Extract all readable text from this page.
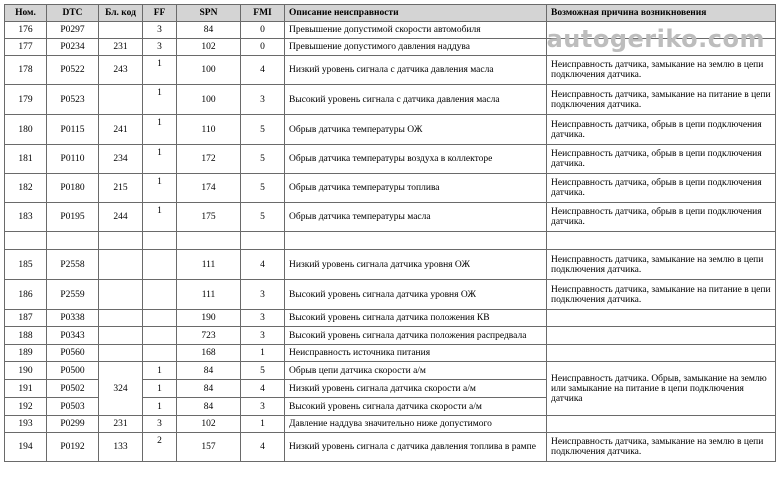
Ном.	DTC	Бл. код	FF	SPN	FMI	Описание неисправности	Возможная причина возникновения
176	P0297		3	84	0	Превышение допустимой скорости автомобиля	
177	P0234	231	3	102	0	Превышение допустимого давления наддува	
178	P0522	243	1	100	4	Низкий уровень сигнала с датчика давления масла	Неисправность датчика, замыкание на землю в цепи подключения датчика.
179	P0523		1	100	3	Высокий уровень сигнала с датчика давления масла	Неисправность датчика, замыкание на питание в цепи подключения датчика.
180	P0115	241	1	110	5	Обрыв датчика температуры ОЖ	Неисправность датчика, обрыв в цепи подключения датчика.
181	P0110	234	1	172	5	Обрыв датчика температуры воздуха в коллекторе	Неисправность датчика, обрыв в цепи подключения датчика.
182	P0180	215	1	174	5	Обрыв датчика температуры топлива	Неисправность датчика, обрыв в цепи подключения датчика.
183	P0195	244	1	175	5	Обрыв датчика температуры масла	Неисправность датчика, обрыв в цепи подключения датчика.

185	P2558			111	4	Низкий уровень сигнала датчика уровня ОЖ	Неисправность датчика, замыкание на землю в цепи подключения датчика.
186	P2559			111	3	Высокий уровень сигнала датчика уровня ОЖ	Неисправность датчика, замыкание на питание в цепи подключения датчика.
187	P0338			190	3	Высокий уровень сигнала датчика положения КВ	
188	P0343			723	3	Высокий уровень сигнала датчика положения распредвала	
189	P0560			168	1	Неисправность источника питания	
190	P0500	324	1	84	5	Обрыв цепи датчика скорости а/м	Неисправность датчика. Обрыв, замыкание на землю или замыкание на питание в цепи подключения датчика
191	P0502		1	84	4	Низкий уровень сигнала датчика скорости а/м	
192	P0503		1	84	3	Высокий уровень сигнала датчика скорости а/м	
193	P0299	231	3	102	1	Давление наддува значительно ниже допустимого	
194	P0192	133	2	157	4	Низкий уровень сигнала с датчика давления топлива в рампе	Неисправность датчика, замыкание на землю в цепи подключения датчика.
autogeriko.com
